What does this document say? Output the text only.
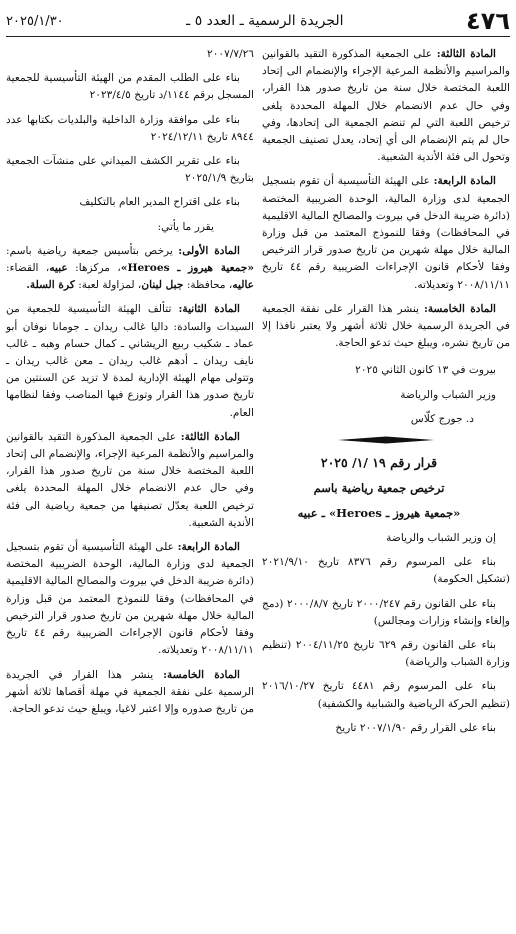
٤٧٦
الجريدة الرسمية ـ العدد ٥ ـ
٢٠٢٥/١/٣٠

المادة الثالثة: على الجمعية المذكورة التقيد بالقوانين والمراسيم والأنظمة المرعية الإجراء والإنضمام الى إتحاد اللعبة المختصة خلال سنة من تاريخ صدور هذا القرار، وفي حال عدم الانضمام خلال المهلة المحددة يلغى ترخيص اللعبة التي لم تنضم الجمعية الى إتحادها، وفي حال لم يتم الإنضمام الى أي إتحاد، يعدل تصنيف الجمعية وتحول الى فئة الأندية الشعبية.

المادة الرابعة: على الهيئة التأسيسية أن تقوم بتسجيل الجمعية لدى وزارة المالية، الوحدة الضريبية المختصة (دائرة ضريبة الدخل في بيروت والمصالح المالية الاقليمية في المحافظات) وفقا للنموذج المعتمد من قبل وزارة المالية خلال مهلة شهرين من تاريخ صدور قرار الترخيص وفقا لأحكام قانون الإجراءات الضريبية رقم ٤٤ تاريخ ٢٠٠٨/١١/١١ وتعديلاته.

المادة الخامسة: ينشر هذا القرار على نفقة الجمعية في الجريدة الرسمية خلال ثلاثة أشهر ولا يعتبر نافذا إلا من تاريخ نشره، ويبلغ حيث تدعو الحاجة.

بيروت في ١٣ كانون الثاني ٢٠٢٥

وزير الشباب والرياضة

د. جورج كلّاس

قرار رقم ١٩ /١/ ٢٠٢٥

ترخيص جمعية رياضية باسم

«جمعية هيروز ـ Heroes» ـ عبيه

إن وزير الشباب والرياضة

بناء على المرسوم رقم ٨٣٧٦ تاريخ ٢٠٢١/٩/١٠ (تشكيل الحكومة)

بناء على القانون رقم ٢٠٠٠/٢٤٧ تاريخ ٢٠٠٠/٨/٧ (دمج وإلغاء وإنشاء وزارات ومجالس)

بناء على القانون رقم ٦٢٩ تاريخ ٢٠٠٤/١١/٢٥ (تنظيم وزارة الشباب والرياضة)

بناء على المرسوم رقم ٤٤٨١ تاريخ ٢٠١٦/١٠/٢٧ (تنظيم الحركة الرياضية والشبابية والكشفية)

بناء على القرار رقم ٢٠٠٧/١/٩٠ تاريخ

٢٠٠٧/٧/٢٦

بناء على الطلب المقدم من الهيئة التأسيسية للجمعية المسجل برقم ١١٤٤/د تاريخ ٢٠٢٣/٤/٥

بناء على موافقة وزارة الداخلية والبلديات بكتابها عدد ٨٩٤٤ تاريخ ٢٠٢٤/١٢/١١

بناء على تقرير الكشف الميداني على منشآت الجمعية بتاريخ ٢٠٢٥/١/٩

بناء على اقتراح المدير العام بالتكليف

يقرر ما يأتي:

المادة الأولى: يرخص بتأسيس جمعية رياضية باسم: «جمعية هيروز ـ Heroes»، مركزها: عبيه، القضاء: عاليه، محافظة: جبل لبنان، لمزاولة لعبة: كرة السلة.

المادة الثانية: تتألف الهيئة التأسيسية للجمعية من السيدات والسادة: داليا غالب ريدان ـ جومانا نوفان أبو عماد ـ شكيب ربيع الريشاني ـ كمال حسام وهبه ـ غالب نايف ريدان ـ أدهم غالب ريدان ـ معن غالب ريدان ـ وتتولى مهام الهيئة الإدارية لمدة لا تزيد عن السنتين من تاريخ صدور هذا القرار وتوزع فيها المناصب وفقا لنظامها العام.

المادة الثالثة: على الجمعية المذكورة التقيد بالقوانين والمراسيم والأنظمة المرعية الإجراء، والإنضمام الى إتحاد اللعبة المختصة خلال سنة من تاريخ صدور هذا القرار، وفي حال عدم الانضمام خلال المهلة المحددة يلغى ترخيص اللعبة يعدّل تصنيفها من جمعية رياضية الى فئة الأندية الشعبية.

المادة الرابعة: على الهيئة التأسيسية أن تقوم بتسجيل الجمعية لدى وزارة المالية، الوحدة الضريبية المختصة (دائرة ضريبة الدخل في بيروت والمصالح المالية الاقليمية في المحافظات) وفقا للنموذج المعتمد من قبل وزارة المالية خلال مهلة شهرين من تاريخ صدور قرار الترخيص وفقا لأحكام قانون الإجراءات الضريبية رقم ٤٤ تاريخ ٢٠٠٨/١١/١١ وتعديلاته.

المادة الخامسة: ينشر هذا القرار في الجريدة الرسمية على نفقة الجمعية في مهلة أقصاها ثلاثة أشهر من تاريخ صدوره وإلا اعتبر لاغيا، ويبلغ حيث تدعو الحاجة.
